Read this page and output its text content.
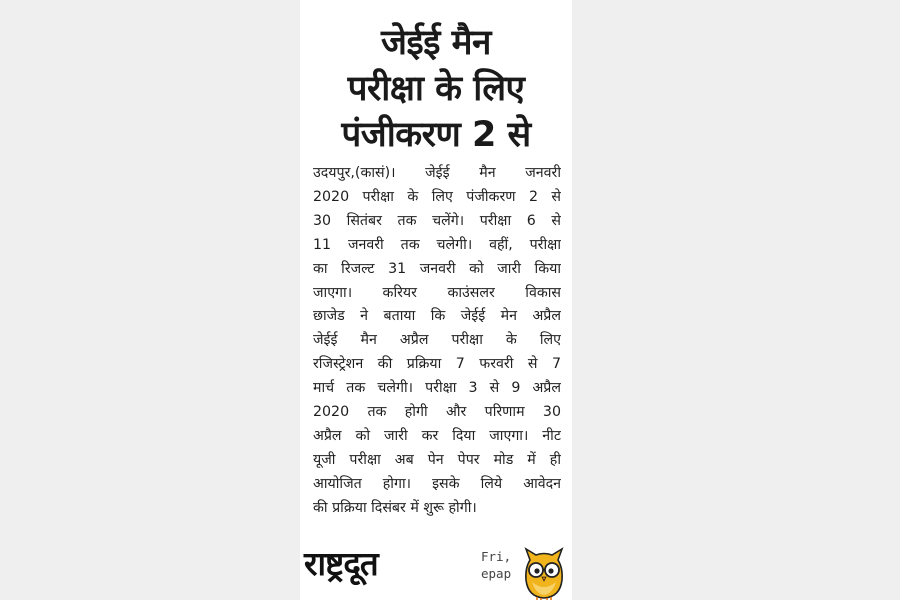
जेईई मैन
परीक्षा के लिए
पंजीकरण 2 से
उदयपुर,(कासं)। जेईई मैन जनवरी
2020 परीक्षा के लिए पंजीकरण 2 से
30 सितंबर तक चलेंगे। परीक्षा 6 से
11 जनवरी तक चलेगी। वहीं, परीक्षा
का रिजल्ट 31 जनवरी को जारी किया
जाएगा। करियर काउंसलर विकास
छाजेड ने बताया कि जेईई मेन अप्रैल
जेईई मैन अप्रैल परीक्षा के लिए
रजिस्ट्रेशन की प्रक्रिया 7 फरवरी से 7
मार्च तक चलेगी। परीक्षा 3 से 9 अप्रैल
2020 तक होगी और परिणाम 30
अप्रैल को जारी कर दिया जाएगा। नीट
यूजी परीक्षा अब पेन पेपर मोड में ही
आयोजित होगा। इसके लिये आवेदन
की प्रक्रिया दिसंबर में शुरू होगी।
राष्ट्रदूत	Fri,
epap
